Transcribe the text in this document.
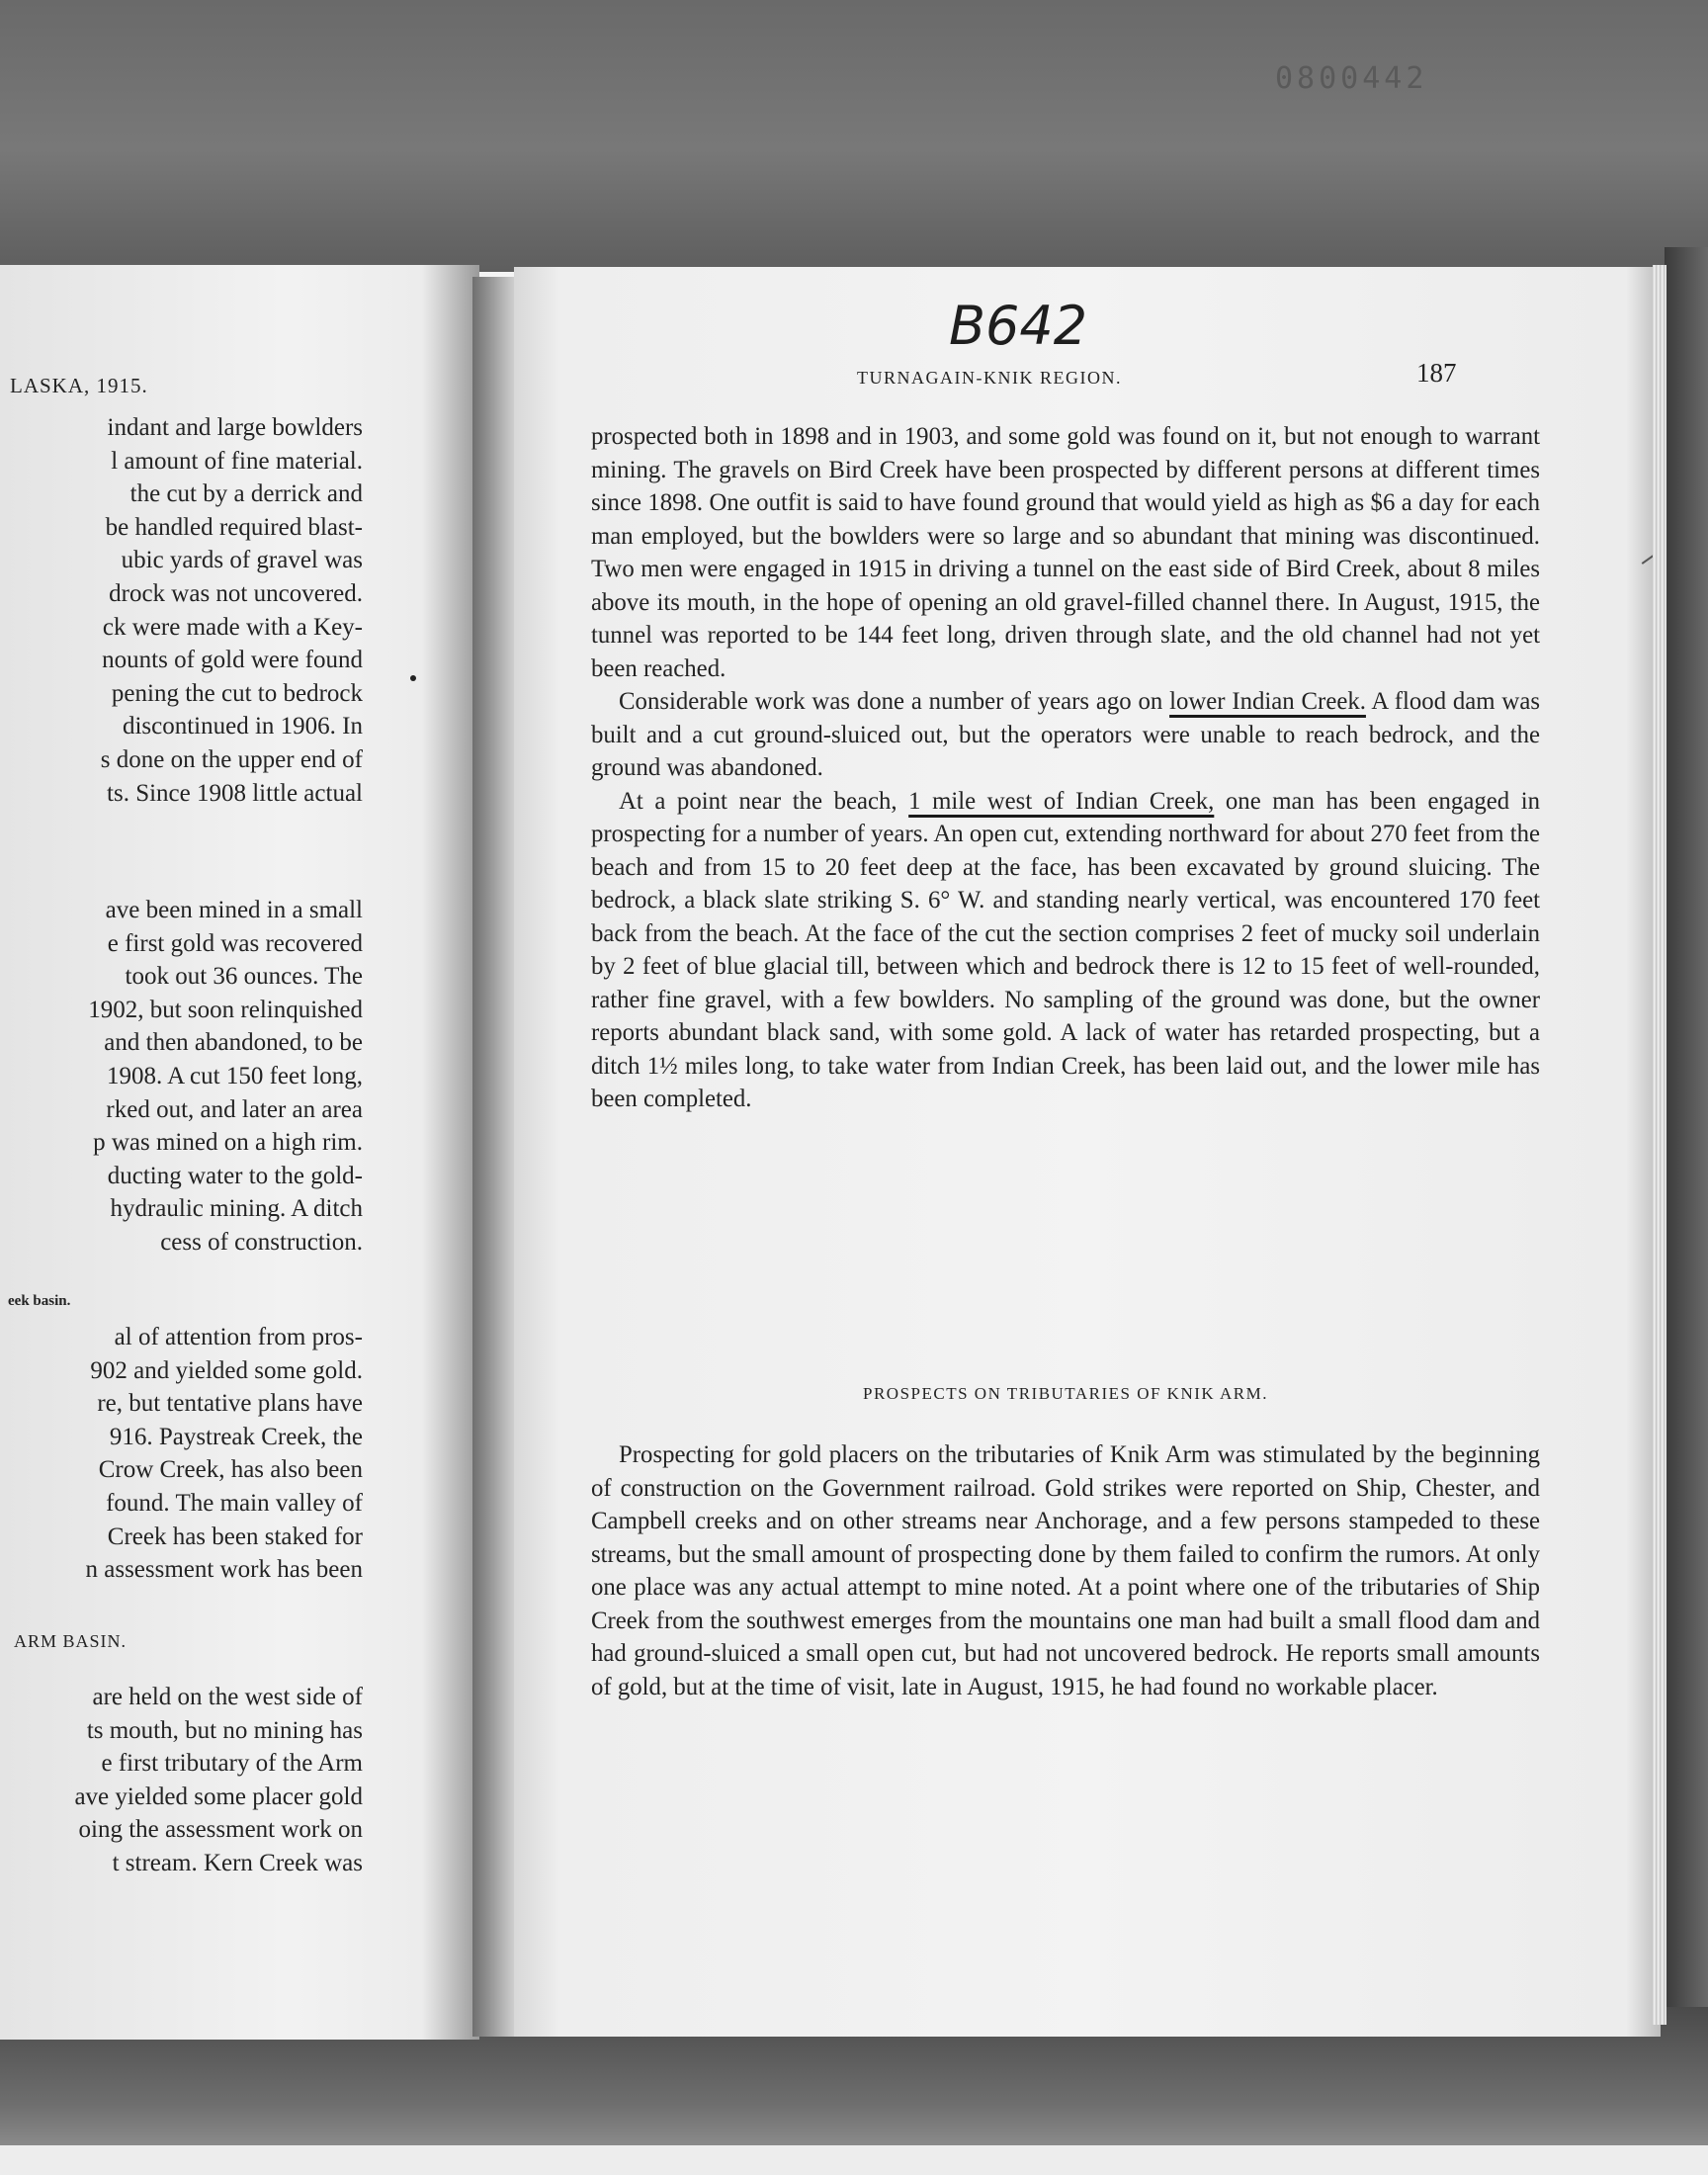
0800442
LASKA, 1915.
indant and large bowlders
l amount of fine material.
the cut by a derrick and
be handled required blast-
ubic yards of gravel was
drock was not uncovered.
ck were made with a Key-
nounts of gold were found
pening the cut to bedrock
discontinued in 1906. In
s done on the upper end of
ts. Since 1908 little actual
ave been mined in a small
e first gold was recovered
took out 36 ounces. The
1902, but soon relinquished
and then abandoned, to be
1908. A cut 150 feet long,
rked out, and later an area
p was mined on a high rim.
ducting water to the gold-
hydraulic mining. A ditch
cess of construction.
al of attention from pros-
902 and yielded some gold.
re, but tentative plans have
916. Paystreak Creek, the
Crow Creek, has also been
found. The main valley of
Creek has been staked for
n assessment work has been
eek basin.
ARM BASIN.
are held on the west side of
ts mouth, but no mining has
e first tributary of the Arm
ave yielded some placer gold
oing the assessment work on
t stream. Kern Creek was
B642
TURNAGAIN-KNIK REGION.	187

prospected both in 1898 and in 1903, and some gold was found on it, but not enough to warrant mining. The gravels on Bird Creek have been prospected by different persons at different times since 1898. One outfit is said to have found ground that would yield as high as $6 a day for each man employed, but the bowlders were so large and so abundant that mining was discontinued. Two men were engaged in 1915 in driving a tunnel on the east side of Bird Creek, about 8 miles above its mouth, in the hope of opening an old gravel-filled channel there. In August, 1915, the tunnel was reported to be 144 feet long, driven through slate, and the old channel had not yet been reached.

Considerable work was done a number of years ago on lower Indian Creek. A flood dam was built and a cut ground-sluiced out, but the operators were unable to reach bedrock, and the ground was abandoned.

At a point near the beach, 1 mile west of Indian Creek, one man has been engaged in prospecting for a number of years. An open cut, extending northward for about 270 feet from the beach and from 15 to 20 feet deep at the face, has been excavated by ground sluicing. The bedrock, a black slate striking S. 6° W. and standing nearly vertical, was encountered 170 feet back from the beach. At the face of the cut the section comprises 2 feet of mucky soil underlain by 2 feet of blue glacial till, between which and bedrock there is 12 to 15 feet of well-rounded, rather fine gravel, with a few bowlders. No sampling of the ground was done, but the owner reports abundant black sand, with some gold. A lack of water has retarded prospecting, but a ditch 1½ miles long, to take water from Indian Creek, has been laid out, and the lower mile has been completed.

PROSPECTS ON TRIBUTARIES OF KNIK ARM.

Prospecting for gold placers on the tributaries of Knik Arm was stimulated by the beginning of construction on the Government railroad. Gold strikes were reported on Ship, Chester, and Campbell creeks and on other streams near Anchorage, and a few persons stampeded to these streams, but the small amount of prospecting done by them failed to confirm the rumors. At only one place was any actual attempt to mine noted. At a point where one of the tributaries of Ship Creek from the southwest emerges from the mountains one man had built a small flood dam and had ground-sluiced a small open cut, but had not uncovered bedrock. He reports small amounts of gold, but at the time of visit, late in August, 1915, he had found no workable placer.
